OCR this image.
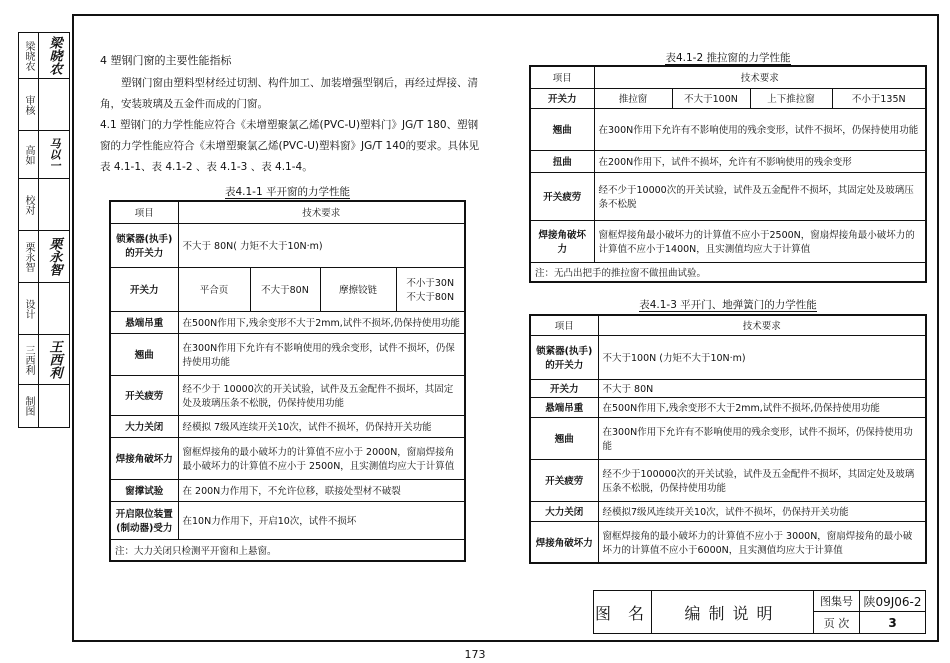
梁晓农 梁晓农
审核
高如	马以一
校对
栗永智 栗永智
设计
三西利 王西利
制图
4 塑钢门窗的主要性能指标

塑钢门窗由塑料型材经过切割、构件加工、加装增强型钢后，再经过焊接、清角，安装玻璃及五金件而成的门窗。

4.1 塑钢门的力学性能应符合《未增塑聚氯乙烯(PVC-U)塑料门》JG/T 180、塑钢窗的力学性能应符合《未增塑聚氯乙烯(PVC-U)塑料窗》JG/T 140的要求。具体见表 4.1-1、表 4.1-2 、表 4.1-3 、表 4.1-4。

表4.1-1 平开窗的力学性能
项目	技术要求			
锁紧器(执手)的开关力	不大于 80N( 力矩不大于10N·m)			
开关力	平合页	不大于80N	摩擦铰链	不小于30N 不大于80N
悬端吊重	在500N作用下,残余变形不大于2mm,试件不损坏,仍保持使用功能			
翘曲	在300N作用下允许有不影响使用的残余变形，试件不损坏，仍保持使用功能			
开关疲劳	经不少于 10000次的开关试验，试件及五金配件不损坏，其固定处及玻璃压条不松脱，仍保持使用功能			
大力关闭	经模拟 7级风连续开关10次，试件不损坏，仍保持开关功能			
焊接角破坏力	窗框焊接角的最小破坏力的计算值不应小于 2000N，窗扇焊接角最小破坏力的计算值不应小于 2500N，且实测值均应大于计算值			
窗撑试验	在 200N力作用下，不允许位移，联接处型材不破裂			
开启限位装置(制动器)受力	在10N力作用下，开启10次，试件不损坏			
注：大力关闭只检测平开窗和上悬窗。				
表4.1-2 推拉窗的力学性能
项目	技术要求			
开关力	推拉窗	不大于100N	上下推拉窗	不小于135N
翘曲	在300N作用下允许有不影响使用的残余变形，试件不损坏，仍保持使用功能			
扭曲	在200N作用下，试件不损坏，允许有不影响使用的残余变形			
开关疲劳	经不少于10000次的开关试验，试件及五金配件不损坏，其固定处及玻璃压条不松脱			
焊接角破坏力	窗框焊接角最小破坏力的计算值不应小于2500N，窗扇焊接角最小破坏力的计算值不应小于1400N，且实测值均应大于计算值			
注：无凸出把手的推拉窗不做扭曲试验。				
表4.1-3 平开门、地弹簧门的力学性能
项目	技术要求
锁紧器(执手)的开关力	不大于100N (力矩不大于10N·m)
开关力	不大于 80N
悬端吊重	在500N作用下,残余变形不大于2mm,试件不损坏,仍保持使用功能
翘曲	在300N作用下允许有不影响使用的残余变形，试件不损坏，仍保持使用功能
开关疲劳	经不少于100000次的开关试验，试件及五金配件不损坏，其固定处及玻璃压条不松脱，仍保持使用功能
大力关闭	经模拟7级风连续开关10次，试件不损坏，仍保持开关功能
焊接角破坏力	窗框焊接角的最小破坏力的计算值不应小于 3000N，窗扇焊接角的最小破坏力的计算值不应小于6000N，且实测值均应大于计算值
图 名	编制说明
图集号 陕09J06-2
页 次	3
173
